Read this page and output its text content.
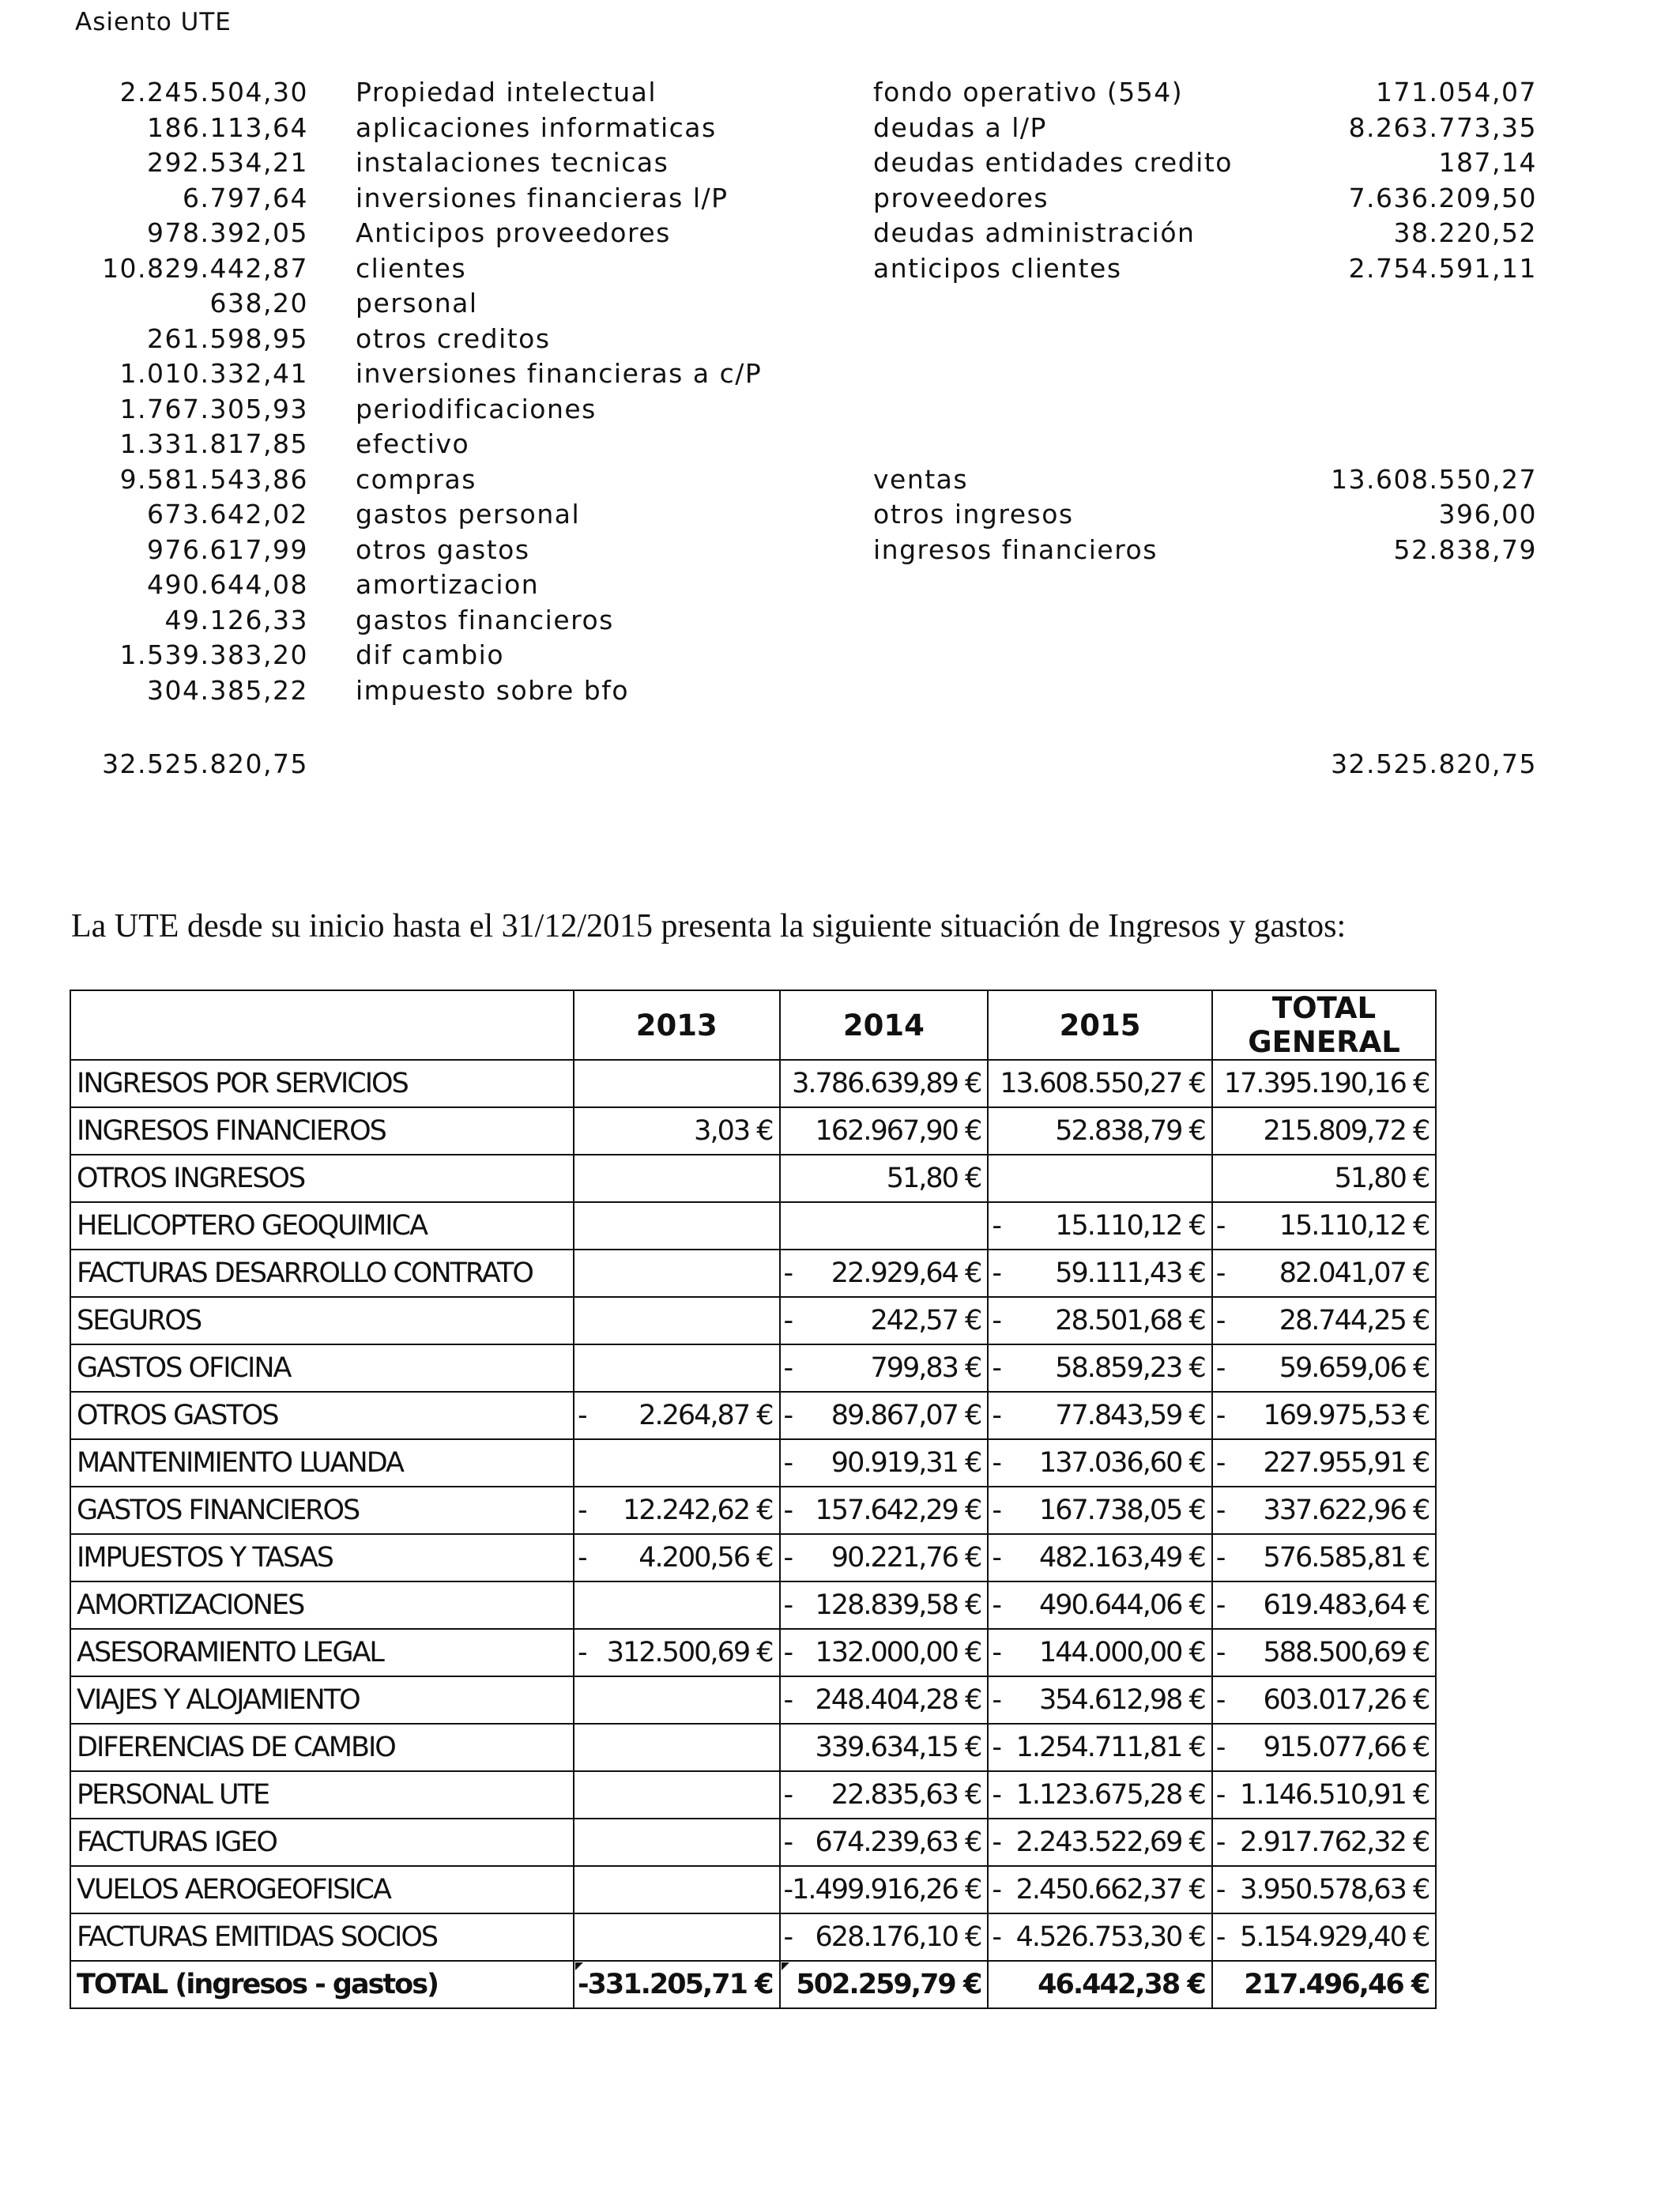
Asiento UTE
2.245.504,30 Propiedad intelectual	fondo operativo (554)	171.054,07
186.113,64 aplicaciones informaticas	deudas a l/P	8.263.773,35
292.534,21 instalaciones tecnicas	deudas entidades credito	187,14
6.797,64 inversiones financieras l/P	proveedores	7.636.209,50
978.392,05 Anticipos proveedores	deudas administración	38.220,52
10.829.442,87 clientes	anticipos clientes	2.754.591,11
638,20 personal
261.598,95 otros creditos
1.010.332,41 inversiones financieras a c/P
1.767.305,93 periodificaciones
1.331.817,85 efectivo
9.581.543,86 compras	ventas	13.608.550,27
673.642,02 gastos personal	otros ingresos	396,00
976.617,99 otros gastos	ingresos financieros	52.838,79
490.644,08 amortizacion
49.126,33 gastos financieros
1.539.383,20 dif cambio
304.385,22 impuesto sobre bfo
32.525.820,75	32.525.820,75
La UTE desde su inicio hasta el 31/12/2015 presenta la siguiente situación de Ingresos y gastos:
	2013	2014	2015	TOTAL GENERAL
INGRESOS POR SERVICIOS		3.786.639,89 €	13.608.550,27 €	17.395.190,16 €

INGRESOS FINANCIEROS	3,03 €	162.967,90 €	52.838,79 €	215.809,72 €

OTROS INGRESOS		51,80 €		51,80 €

HELICOPTERO GEOQUIMICA			- 15.110,12 €	- 15.110,12 €

FACTURAS DESARROLLO CONTRATO		- 22.929,64 €	- 59.111,43 €	- 82.041,07 €

SEGUROS		- 242,57 €	- 28.501,68 €	- 28.744,25 €

GASTOS OFICINA		- 799,83 €	- 58.859,23 €	- 59.659,06 €

OTROS GASTOS	- 2.264,87 €	- 89.867,07 €	- 77.843,59 €	- 169.975,53 €

MANTENIMIENTO LUANDA		- 90.919,31 €	- 137.036,60 €	- 227.955,91 €

GASTOS FINANCIEROS	- 12.242,62 €	- 157.642,29 €	- 167.738,05 €	- 337.622,96 €

IMPUESTOS Y TASAS	- 4.200,56 €	- 90.221,76 €	- 482.163,49 €	- 576.585,81 €

AMORTIZACIONES		- 128.839,58 €	- 490.644,06 €	- 619.483,64 €

ASESORAMIENTO LEGAL	- 312.500,69 €	- 132.000,00 €	- 144.000,00 €	- 588.500,69 €

VIAJES Y ALOJAMIENTO		- 248.404,28 €	- 354.612,98 €	- 603.017,26 €

DIFERENCIAS DE CAMBIO		339.634,15 €	- 1.254.711,81 €	- 915.077,66 €

PERSONAL UTE		- 22.835,63 €	- 1.123.675,28 €	- 1.146.510,91 €

FACTURAS IGEO		- 674.239,63 €	- 2.243.522,69 €	- 2.917.762,32 €

VUELOS AEROGEOFISICA		- 1.499.916,26 €	- 2.450.662,37 €	- 3.950.578,63 €

FACTURAS EMITIDAS SOCIOS		- 628.176,10 €	- 4.526.753,30 €	- 5.154.929,40 €

TOTAL (ingresos - gastos)	- 331.205,71 €	502.259,79 €	46.442,38 €	217.496,46 €
